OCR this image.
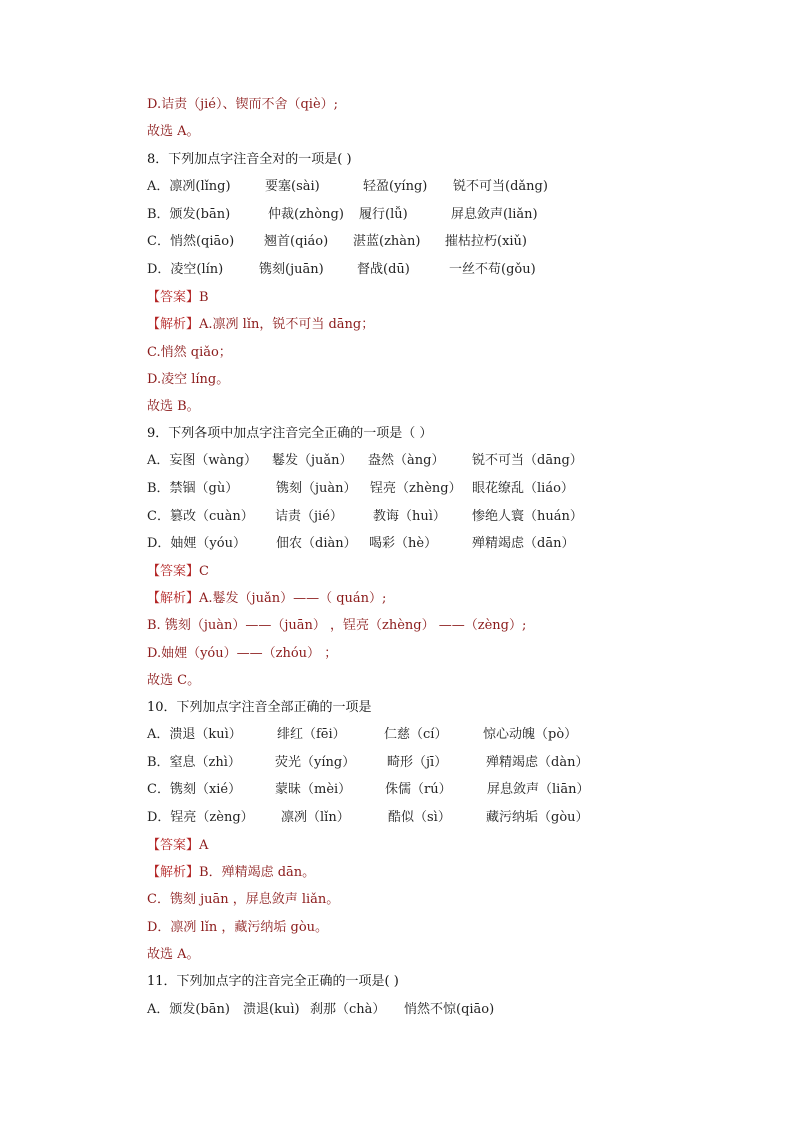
D.诘责（jié）、锲而不舍（qiè）;
故选 A。
8．下列加点字注音全对的一项是( )
A．凛冽(lǐng)	要塞(sài)	轻盈(yíng) 锐不可当(dǎng)
B．颁发(bān)	仲裁(zhòng) 履行(lǚ)	屏息敛声(liǎn)
C．悄然(qiāo) 翘首(qiáo) 湛蓝(zhàn) 摧枯拉朽(xiǔ)
D．凌空(lín)	镌刻(juān)	督战(dū)	一丝不苟(gǒu)
【答案】B
【解析】A.凛冽 lǐn，锐不可当 dāng；
C.悄然 qiǎo；
D.凌空 líng。
故选 B。
9．下列各项中加点字注音完全正确的一项是（ ）
A．妄图（wàng） 鬈发（juǎn） 盎然（àng） 锐不可当（dāng）
B．禁锢（gù）	镌刻（juàn） 锃亮（zhèng） 眼花缭乱（liáo）
C．篡改（cuàn） 诘责（jié） 教诲（huì） 惨绝人寰（huán）
D．妯娌（yóu） 佃农（diàn） 喝彩（hè）	殚精竭虑（dān）
【答案】C
【解析】A.鬈发（juǎn）——（ quán）;
B. 镌刻（juàn）——（juān） ，锃亮（zhèng） ——（zèng）;
D.妯娌（yóu）——（zhóu） ；
故选 C。
10．下列加点字注音全部正确的一项是
A．溃退（kuì）	绯红（fēi）	仁慈（cí）	惊心动魄（pò）
B．窒息（zhì）	荧光（yíng） 畸形（jī）	殚精竭虑（dàn）
C．镌刻（xié）	蒙昧（mèi）	侏儒（rú）	屏息敛声（liān）
D．锃亮（zèng） 凛冽（lǐn）	酷似（sì）	藏污纳垢（gòu）
【答案】A
【解析】B．殚精竭虑 dān。
C．镌刻 juān ，屏息敛声 liǎn。
D．凛冽 lǐn ，藏污纳垢 gòu。
故选 A。
11．下列加点字的注音完全正确的一项是( )
A．颁发(bān) 溃退(kuì) 刹那（chà） 悄然不惊(qiāo)
